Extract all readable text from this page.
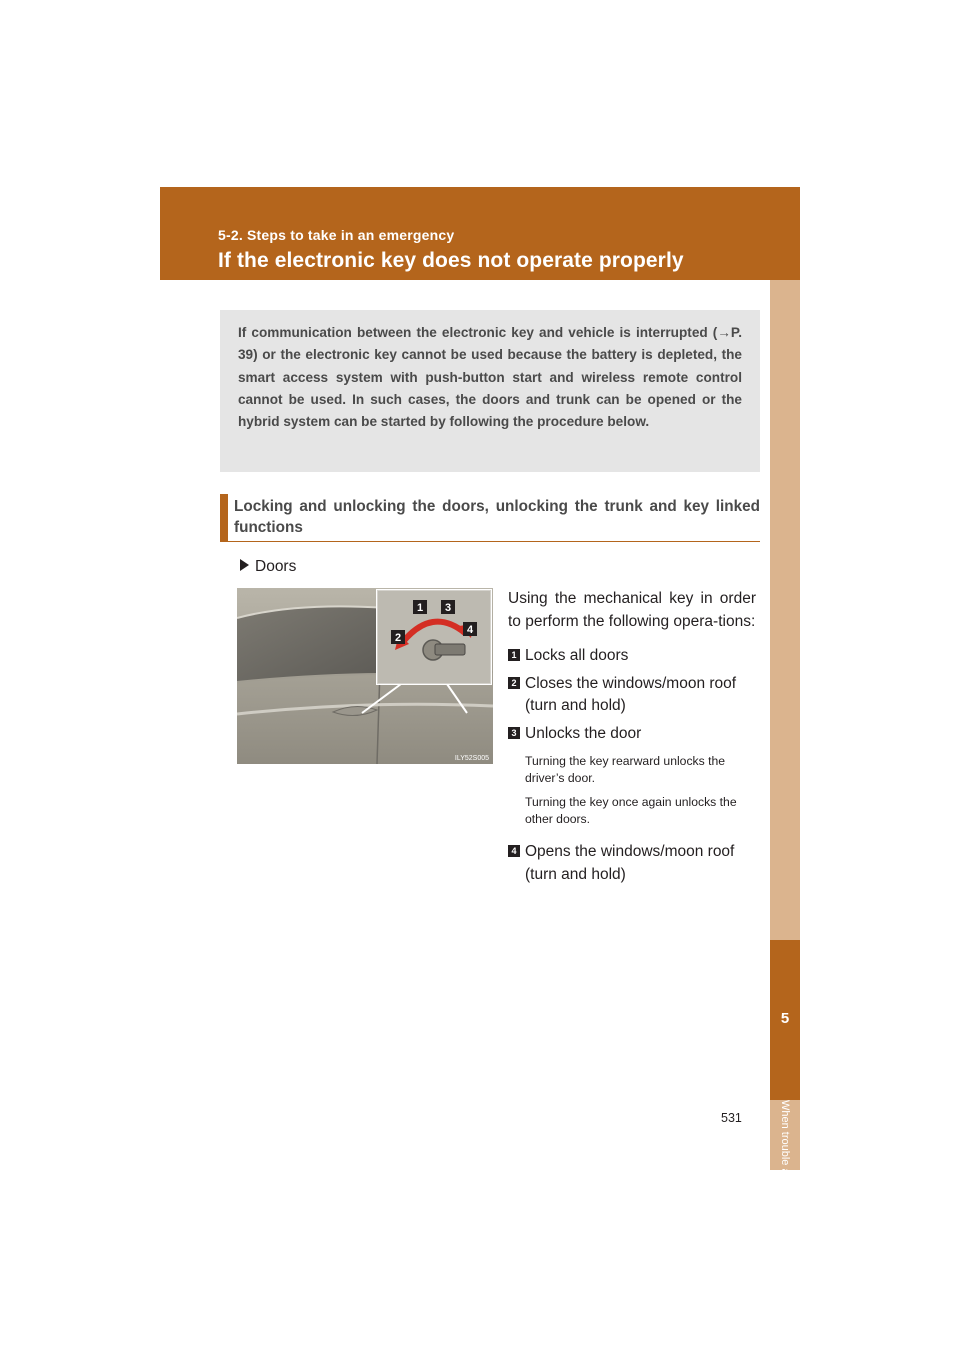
5-2. Steps to take in an emergency
If the electronic key does not operate properly
5
When trouble arises

If communication between the electronic key and vehicle is interrupted (→P. 39) or the electronic key cannot be used because the battery is depleted, the smart access system with push-button start and wireless remote control cannot be used. In such cases, the doors and trunk can be opened or the hybrid system can be started by following the procedure below.

Locking and unlocking the doors, unlocking the trunk and key linked functions
Doors
1 3
2
4
ILY52S005

Using the mechanical key in order to perform the following opera-tions:

1 Locks all doors
2 Closes the windows/moon roof (turn and hold)
3 Unlocks the door

Turning the key rearward unlocks the driver’s door.

Turning the key once again unlocks the other doors.

4 Opens the windows/moon roof (turn and hold)
531
